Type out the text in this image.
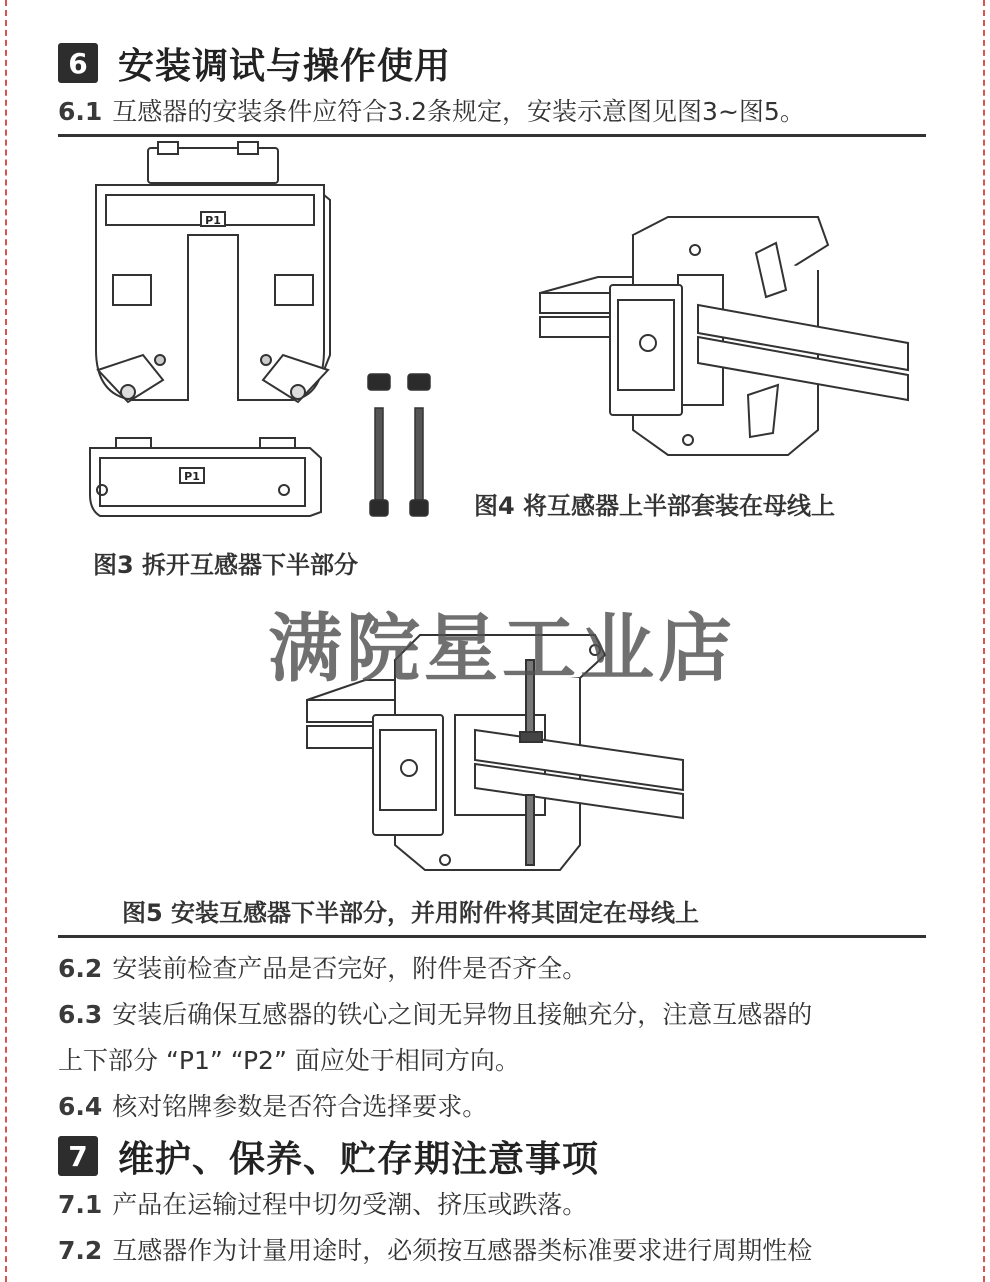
6 安装调试与操作使用
6.1 互感器的安装条件应符合3.2条规定，安装示意图见图3~图5。
P1
P1
图4 将互感器上半部套装在母线上
图3 拆开互感器下半部分
满院星工业店
图5 安装互感器下半部分，并用附件将其固定在母线上
6.2 安装前检查产品是否完好，附件是否齐全。
6.3 安装后确保互感器的铁心之间无异物且接触充分，注意互感器的
上下部分 “P1” “P2” 面应处于相同方向。
6.4 核对铭牌参数是否符合选择要求。
7 维护、保养、贮存期注意事项
7.1 产品在运输过程中切勿受潮、挤压或跌落。
7.2 互感器作为计量用途时，必须按互感器类标准要求进行周期性检
